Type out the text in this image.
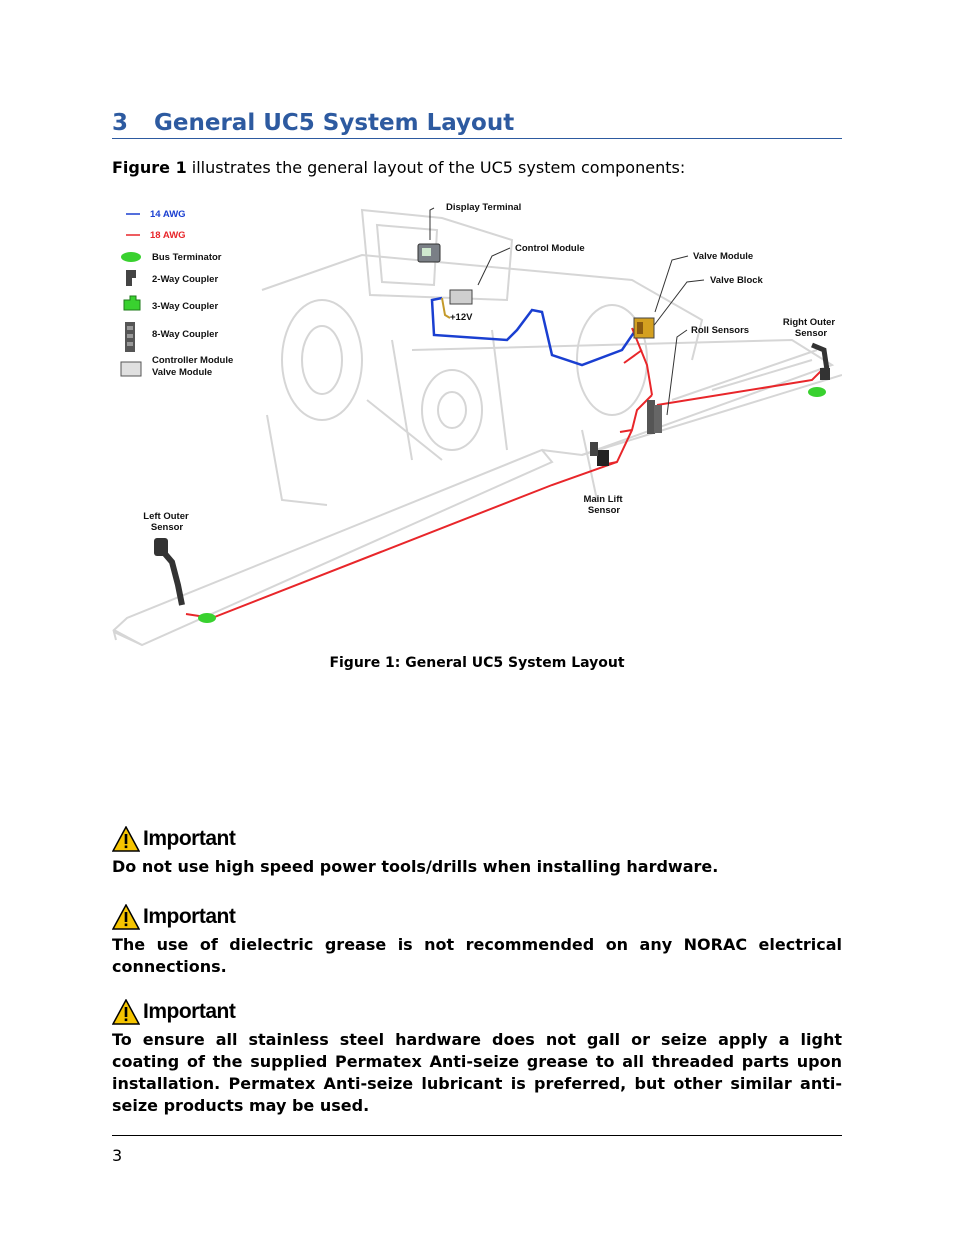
3 General UC5 System Layout
Figure 1 illustrates the general layout of the UC5 system components:
14 AWG
18 AWG
Bus Terminator
2-Way Coupler
3-Way Coupler
8-Way Coupler
Controller Module
Valve Module
Display Terminal
Control Module
Valve Module
Valve Block
Roll Sensors
Right Outer
Sensor
+12V
Main Lift
Sensor
Left Outer
Sensor
Figure 1: General UC5 System Layout
Important
Do not use high speed power tools/drills when installing hardware.
Important
The use of dielectric grease is not recommended on any NORAC electrical connections.
Important
To ensure all stainless steel hardware does not gall or seize apply a light coating of the supplied Permatex Anti-seize grease to all threaded parts upon installation. Permatex Anti-seize lubricant is preferred, but other similar anti-seize products may be used.
3
